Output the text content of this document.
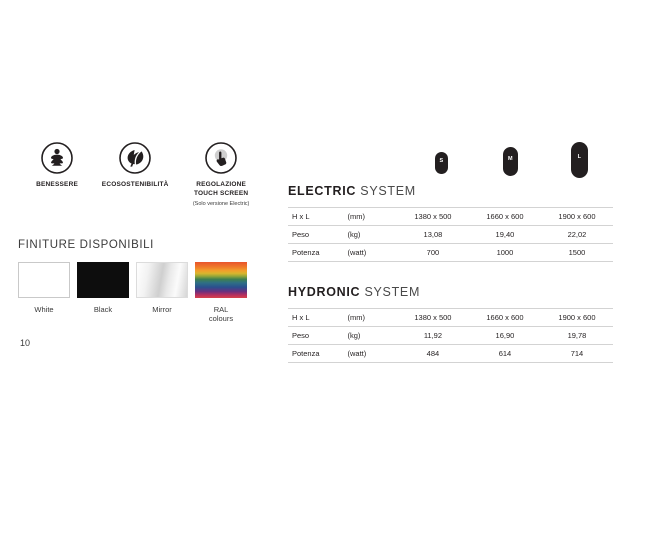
BENESSERE	ECOSOSTENIBILITÀ	REGOLAZIONE
TOUCH SCREEN
(Solo versione Electric)
FINITURE DISPONIBILI
White	Black	Mirror	RAL
colours
10
S	M	L
ELECTRIC SYSTEM
H x L	(mm)	1380 x 500	1660 x 600	1900 x 600
Peso	(kg)	13,08	19,40	22,02
Potenza	(watt)	700	1000	1500
HYDRONIC SYSTEM
H x L	(mm)	1380 x 500	1660 x 600	1900 x 600
Peso	(kg)	11,92	16,90	19,78
Potenza	(watt)	484	614	714
